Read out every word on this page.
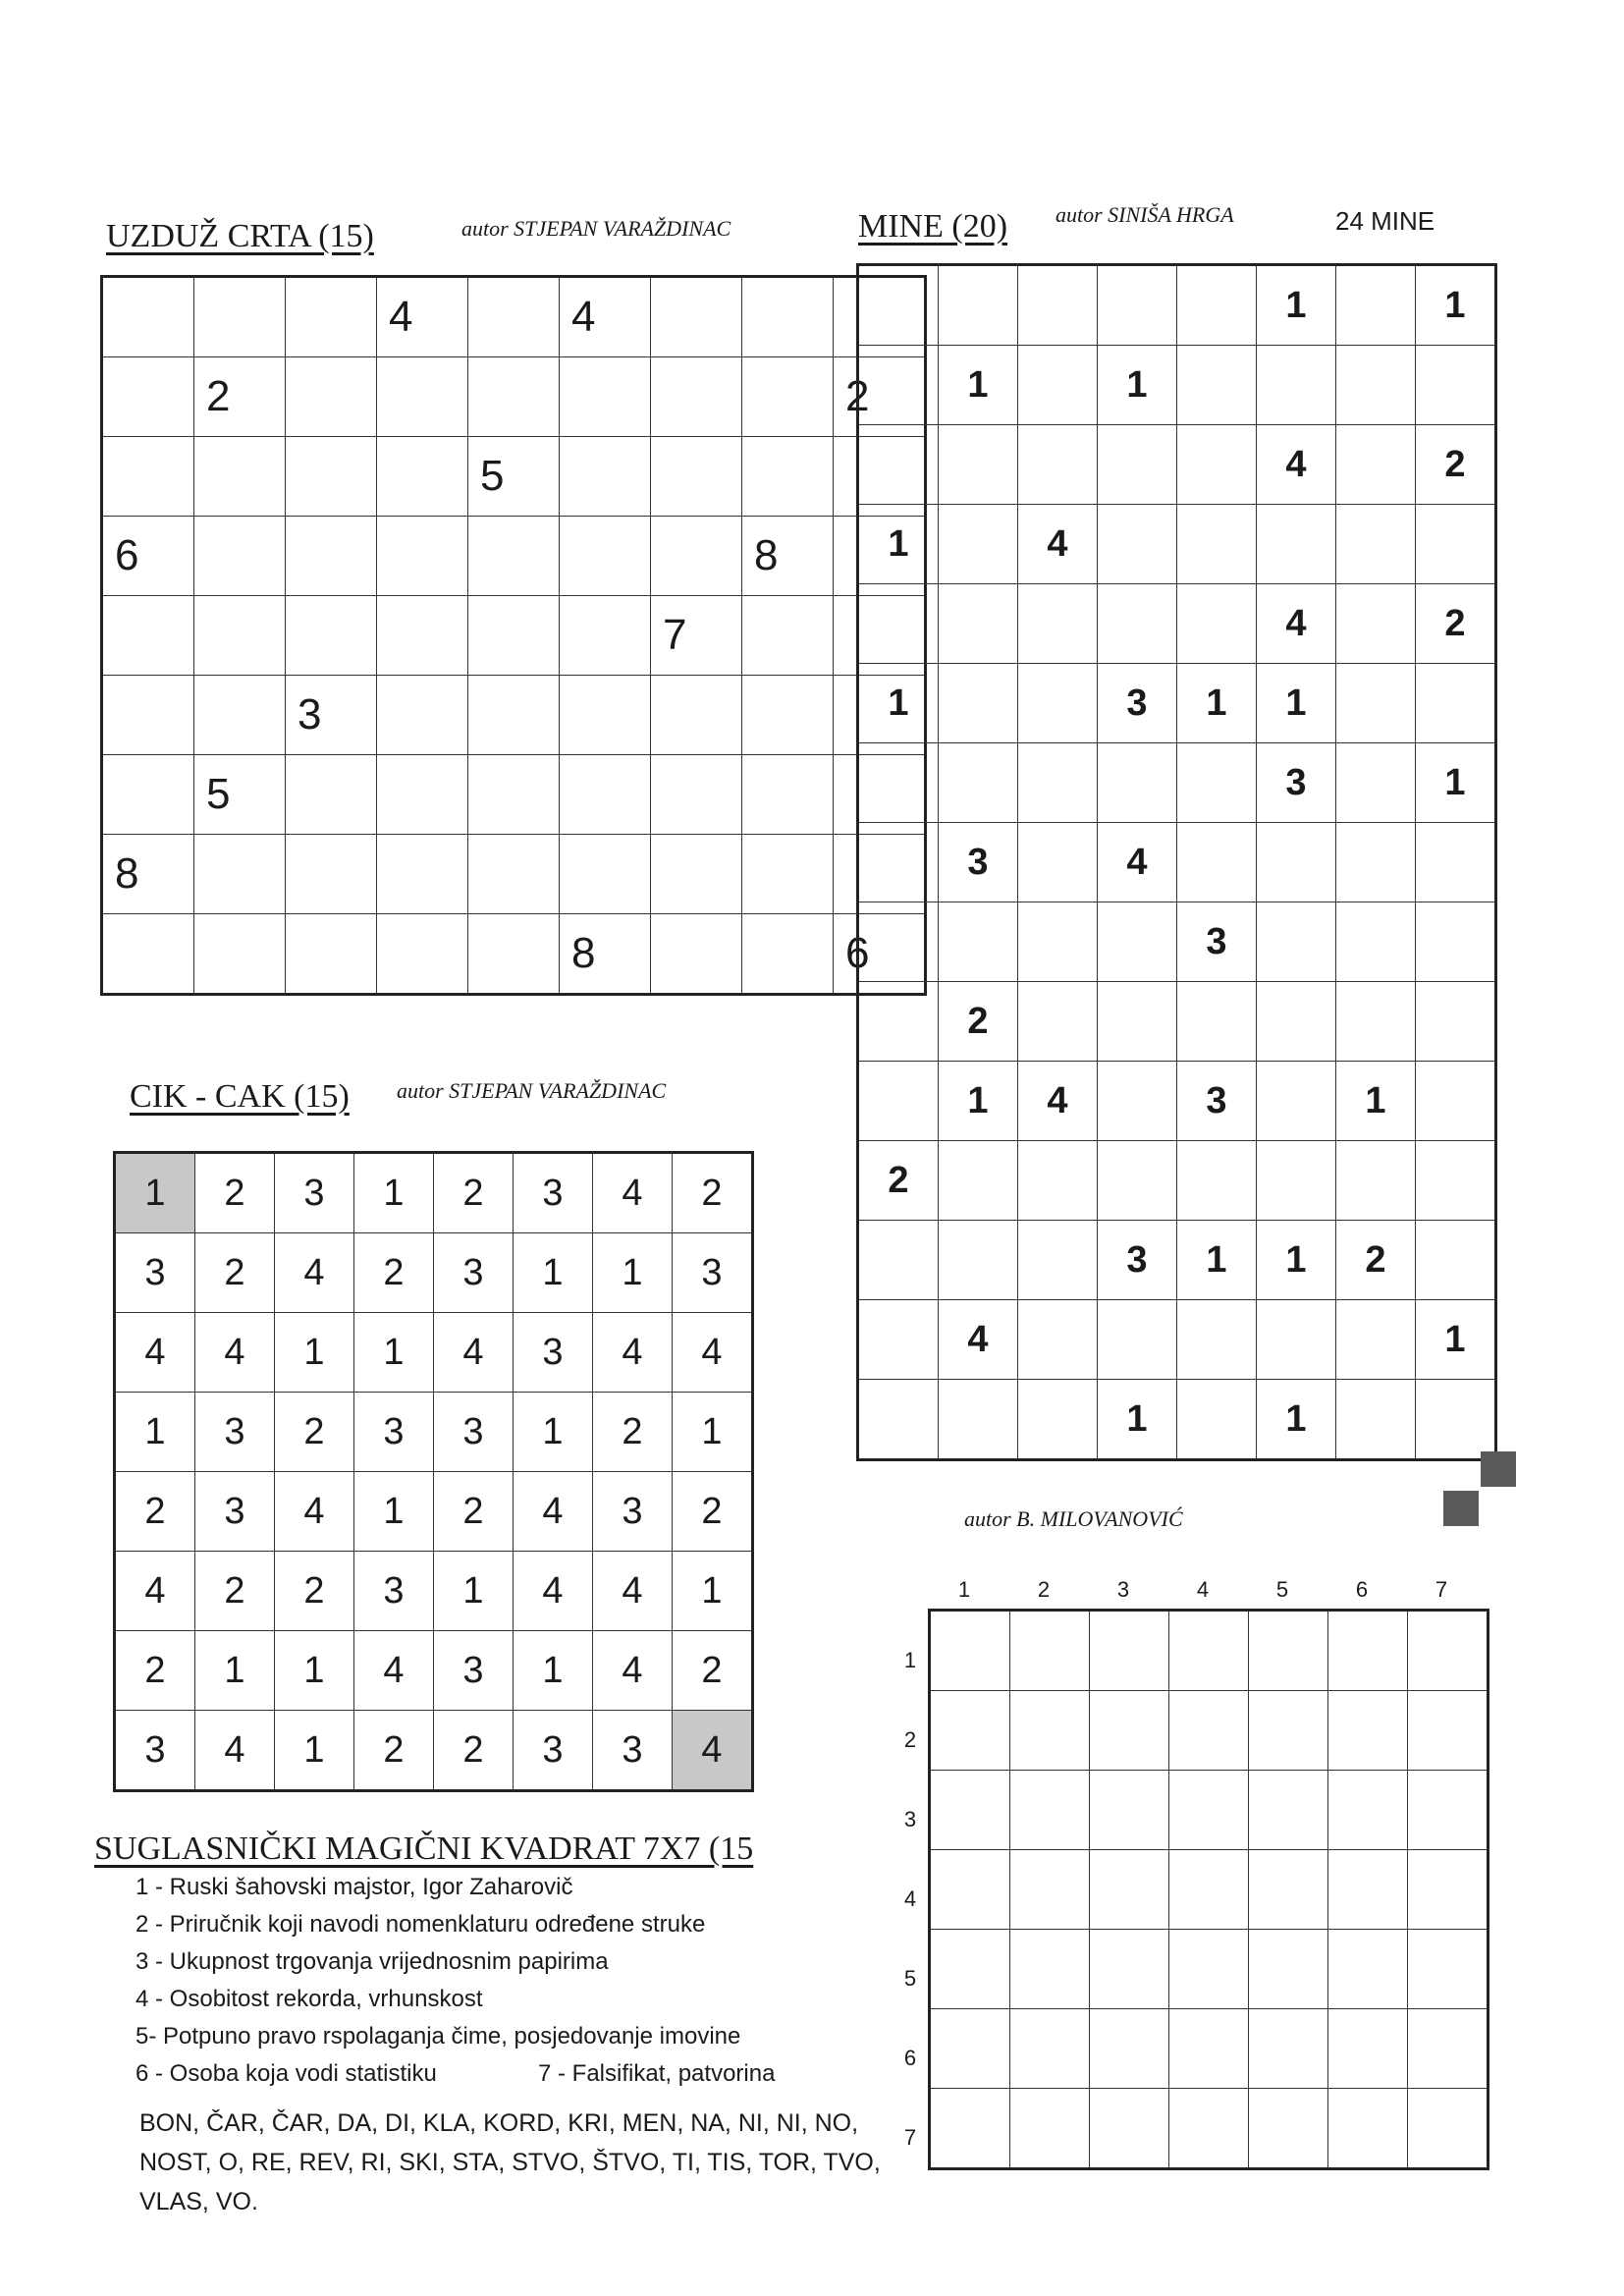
UZDUŽ CRTA (15)	autor STJEPAN VARAŽDINAC
			4		4			
	2							2
				5				
6							8	
						7		
		3						
	5							
8								
					8			6
MINE (20) autor SINIŠA HRGA	24 MINE
					1		1
	1		1				
					4		2
1		4					
					4		2
1			3	1	1		
					3		1
	3		4				
				3			
	2						
	1	4		3		1	
2							
			3	1	1	2	
	4						1
			1		1		
CIK - CAK (15) autor STJEPAN VARAŽDINAC
1	2	3	1	2	3	4	2
3	2	4	2	3	1	1	3
4	4	1	1	4	3	4	4
1	3	2	3	3	1	2	1
2	3	4	1	2	4	3	2
4	2	2	3	1	4	4	1
2	1	1	4	3	1	4	2
3	4	1	2	2	3	3	4
autor B. MILOVANOVIĆ
1	2	3	4	5	6	7
1
2
3
4
5
6
7

SUGLASNIČKI MAGIČNI KVADRAT 7X7 (15
1 - Ruski šahovski majstor, Igor Zaharovič
2 - Priručnik koji navodi nomenklaturu određene struke
3 - Ukupnost trgovanja vrijednosnim papirima
4 - Osobitost rekorda, vrhunskost
5- Potpuno pravo rspolaganja čime, posjedovanje imovine
6 - Osoba koja vodi statistiku	7 - Falsifikat, patvorina
BON, ČAR, ČAR, DA, DI, KLA, KORD, KRI, MEN, NA, NI, NI, NO, NOST, O, RE, REV, RI, SKI, STA, STVO, ŠTVO, TI, TIS, TOR, TVO, VLAS, VO.
